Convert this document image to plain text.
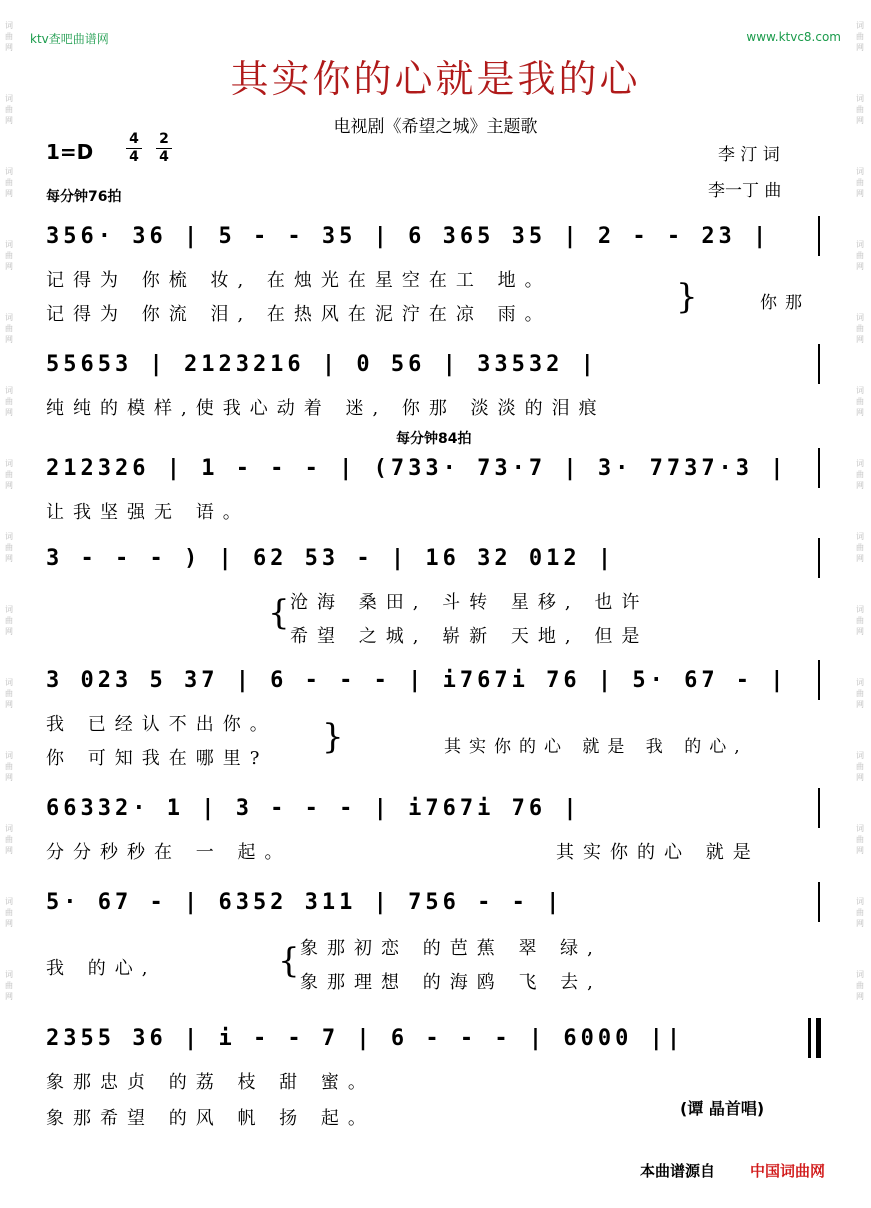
ktv查吧曲谱网	www.ktvc8.com
词曲网
词曲网
词曲网
词曲网
词曲网
词曲网
词曲网
词曲网
词曲网
词曲网
词曲网
词曲网
词曲网
词曲网
词曲网
词曲网
词曲网
词曲网
词曲网
词曲网
词曲网
词曲网
词曲网
词曲网
词曲网
词曲网
词曲网
词曲网
其实你的心就是我的心
电视剧《希望之城》主题歌
1=D
4
4
2
4	李 汀 词
李一丁 曲
每分钟76拍
356· 36 | 5 - - 35 | 6 365 35 | 2 - - 23 |
记得为 你梳 妆, 在烛光在星空在工 地。
记得为 你流 泪, 在热风在泥泞在凉 雨。	}	你那
55653 | 2123216 | 0 56 | 33532 |
纯纯的模样,使我心动着 迷, 你那 淡淡的泪痕
每分钟84拍
212326 | 1 - - - | (733· 73·7 | 3· 7737·3 |
让我坚强无 语。
3 - - - ) | 62 53 - | 16 32 012 |
{ 沧海 桑田, 斗转 星移, 也许
希望 之城, 崭新 天地, 但是
3 023 5 37 | 6 - - - | i767i 76 | 5· 67 - |
我 已经认不出你。
你 可知我在哪里?
}	其实你的心 就是 我 的心,
66332· 1 | 3 - - - | i767i 76 |
分分秒秒在 一 起。	其实你的心 就是
5· 67 - | 6352 311 | 756 - - |
我 的心,	{ 象那初恋 的芭蕉 翠 绿,
象那理想 的海鸥 飞 去,
2355 36 | i - - 7 | 6 - - - | 6000 ||
象那忠贞 的荔 枝 甜 蜜。
象那希望 的风 帆 扬 起。	(谭 晶首唱)
本曲谱源自 中国词曲网
